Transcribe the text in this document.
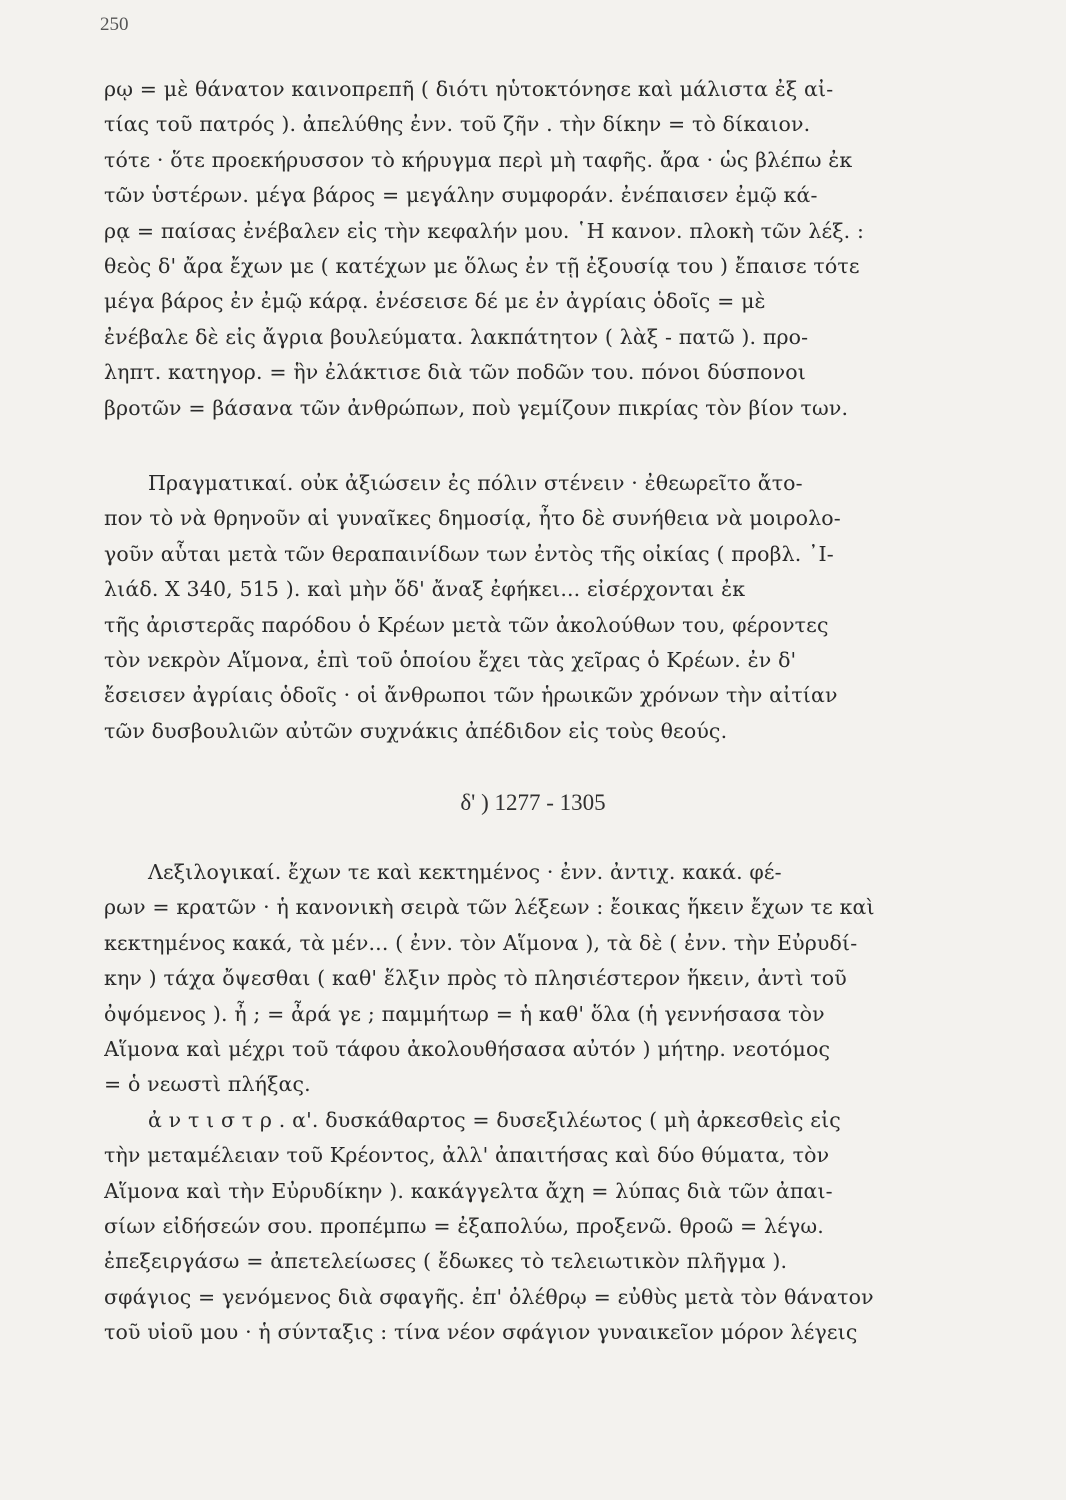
250
ρῳ = μὲ θάνατον καινοπρεπῆ ( διότι ηὑτοκτόνησε καὶ μάλιστα ἐξ αἰ-
τίας τοῦ πατρός ). ἀπελύθης ἐνν. τοῦ ζῆν . τὴν δίκην = τὸ δίκαιον.
τότε · ὅτε προεκήρυσσον τὸ κήρυγμα περὶ μὴ ταφῆς. ἄρα · ὡς βλέπω ἐκ
τῶν ὑστέρων. μέγα βάρος = μεγάλην συμφοράν. ἐνέπαισεν ἐμῷ κά-
ρᾳ = παίσας ἐνέβαλεν εἰς τὴν κεφαλήν μου. ῾Η κανον. πλοκὴ τῶν λέξ. :
θεὸς δ' ἄρα ἔχων με ( κατέχων με ὅλως ἐν τῇ ἐξουσίᾳ του ) ἔπαισε τότε
μέγα βάρος ἐν ἐμῷ κάρᾳ. ἐνέσεισε δέ με ἐν ἀγρίαις ὁδοῖς = μὲ
ἐνέβαλε δὲ εἰς ἄγρια βουλεύματα. λακπάτητον ( λὰξ - πατῶ ). προ-
ληπτ. κατηγορ. = ἣν ἐλάκτισε διὰ τῶν ποδῶν του. πόνοι δύσπονοι
βροτῶν = βάσανα τῶν ἀνθρώπων, ποὺ γεμίζουν πικρίας τὸν βίον των.
Πραγματικαί. οὐκ ἀξιώσειν ἐς πόλιν στένειν · ἐθεωρεῖτο ἄτο-
πον τὸ νὰ θρηνοῦν αἱ γυναῖκες δημοσίᾳ, ἦτο δὲ συνήθεια νὰ μοιρολο-
γοῦν αὗται μετὰ τῶν θεραπαινίδων των ἐντὸς τῆς οἰκίας ( προβλ. ᾽Ι-
λιάδ. Χ 340, 515 ). καὶ μὴν ὅδ' ἄναξ ἐφήκει... εἰσέρχονται ἐκ
τῆς ἀριστερᾶς παρόδου ὁ Κρέων μετὰ τῶν ἀκολούθων του, φέροντες
τὸν νεκρὸν Αἵμονα, ἐπὶ τοῦ ὁποίου ἔχει τὰς χεῖρας ὁ Κρέων. ἐν δ'
ἔσεισεν ἀγρίαις ὁδοῖς · οἱ ἄνθρωποι τῶν ἡρωικῶν χρόνων τὴν αἰτίαν
τῶν δυσβουλιῶν αὐτῶν συχνάκις ἀπέδιδον εἰς τοὺς θεούς.
δ' ) 1277 - 1305
Λεξιλογικαί. ἔχων τε καὶ κεκτημένος · ἐνν. ἀντιχ. κακά. φέ-
ρων = κρατῶν · ἡ κανονικὴ σειρὰ τῶν λέξεων : ἔοικας ἥκειν ἔχων τε καὶ
κεκτημένος κακά, τὰ μέν... ( ἐνν. τὸν Αἵμονα ), τὰ δὲ ( ἐνν. τὴν Εὐρυδί-
κην ) τάχα ὄψεσθαι ( καθ' ἕλξιν πρὸς τὸ πλησιέστερον ἥκειν, ἀντὶ τοῦ
ὀψόμενος ). ἦ ; = ἆρά γε ; παμμήτωρ = ἡ καθ' ὅλα (ἡ γεννήσασα τὸν
Αἵμονα καὶ μέχρι τοῦ τάφου ἀκολουθήσασα αὐτόν ) μήτηρ. νεοτόμος
= ὁ νεωστὶ πλήξας.
ἀ ν τ ι σ τ ρ . α'. δυσκάθαρτος = δυσεξιλέωτος ( μὴ ἀρκεσθεὶς εἰς
τὴν μεταμέλειαν τοῦ Κρέοντος, ἀλλ' ἀπαιτήσας καὶ δύο θύματα, τὸν
Αἵμονα καὶ τὴν Εὐρυδίκην ). κακάγγελτα ἄχη = λύπας διὰ τῶν ἀπαι-
σίων εἰδήσεών σου. προπέμπω = ἐξαπολύω, προξενῶ. θροῶ = λέγω.
ἐπεξειργάσω = ἀπετελείωσες ( ἔδωκες τὸ τελειωτικὸν πλῆγμα ).
σφάγιος = γενόμενος διὰ σφαγῆς. ἐπ' ὀλέθρῳ = εὐθὺς μετὰ τὸν θάνατον
τοῦ υἱοῦ μου · ἡ σύνταξις : τίνα νέον σφάγιον γυναικεῖον μόρον λέγεις
